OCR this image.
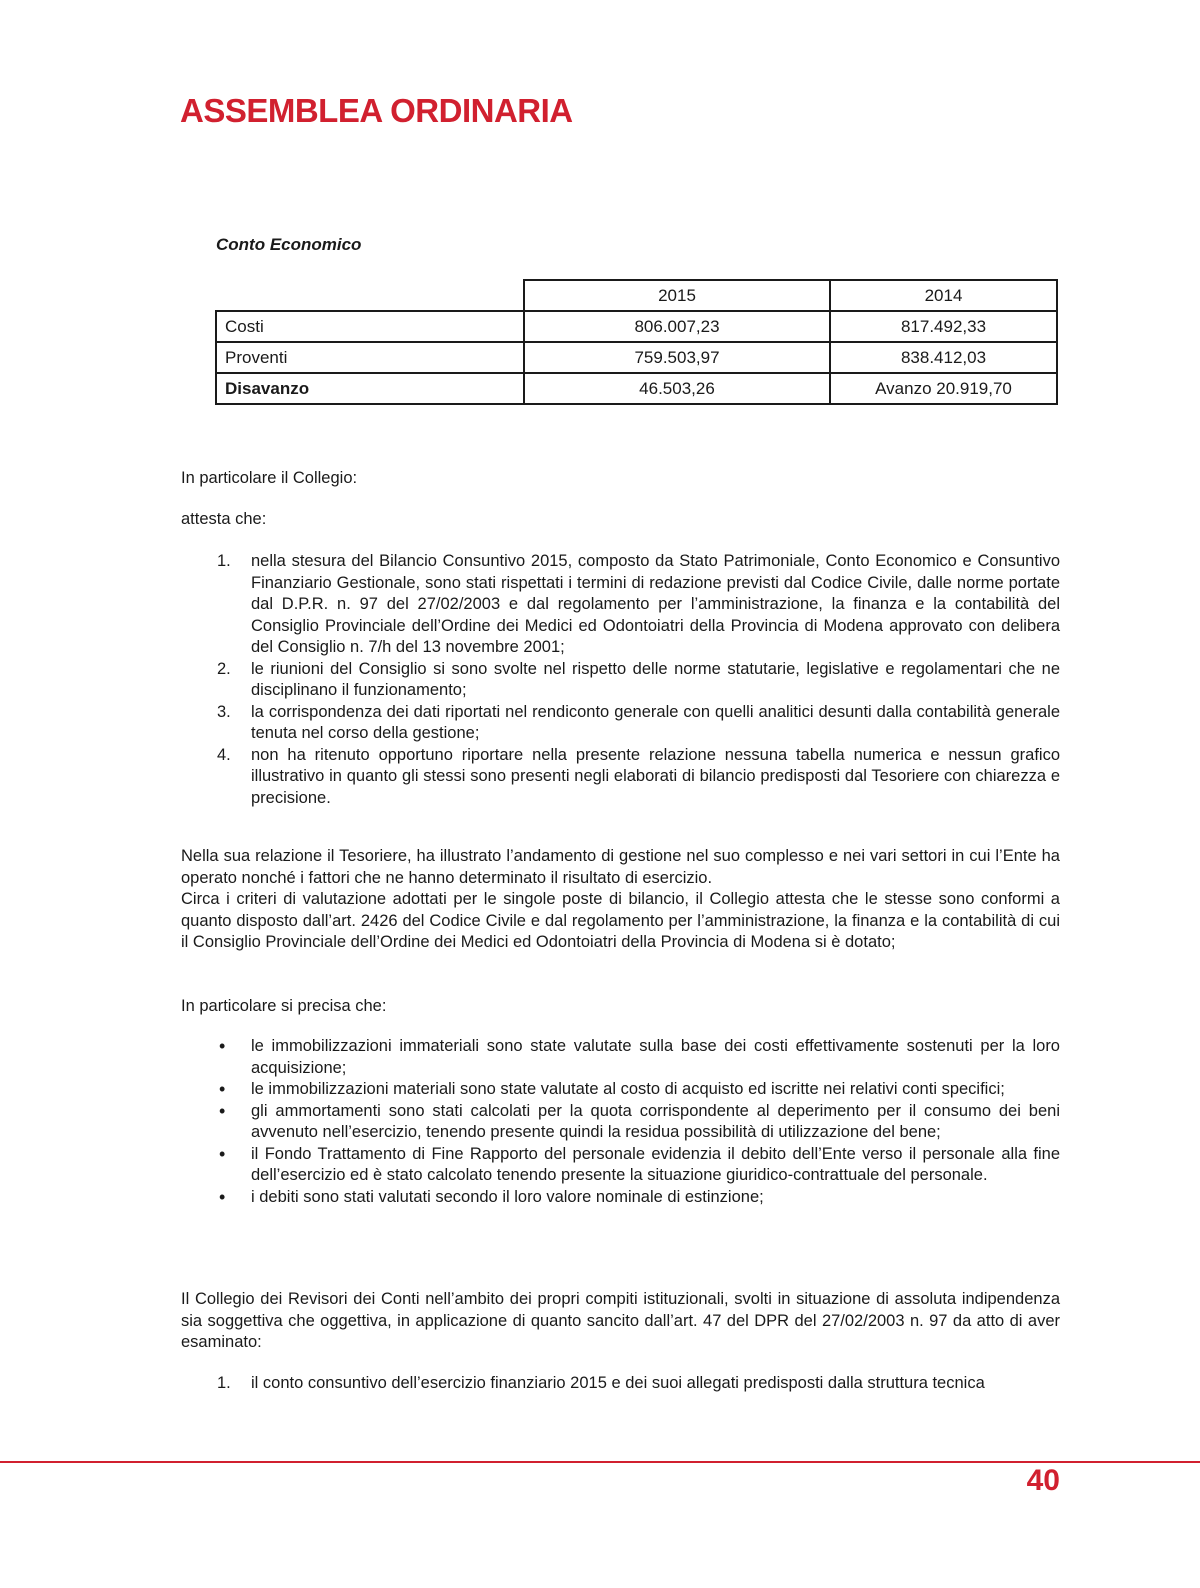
ASSEMBLEA ORDINARIA

Conto Economico

	2015	2014
Costi	806.007,23	817.492,33
Proventi	759.503,97	838.412,03
Disavanzo	46.503,26	Avanzo 20.919,70

In particolare il Collegio:

attesta che:

1. nella stesura del Bilancio Consuntivo 2015, composto da Stato Patrimoniale, Conto Economico e Consuntivo Finanziario Gestionale, sono stati rispettati i termini di redazione previsti dal Codice Civile, dalle norme portate dal D.P.R. n. 97 del 27/02/2003 e dal regolamento per l’amministrazione, la finanza e la contabilità del Consiglio Provinciale dell’Ordine dei Medici ed Odontoiatri della Provincia di Modena approvato con delibera del Consiglio n. 7/h del 13 novembre 2001;
2. le riunioni del Consiglio si sono svolte nel rispetto delle norme statutarie, legislative e regolamentari che ne disciplinano il funzionamento;
3. la corrispondenza dei dati riportati nel rendiconto generale con quelli analitici desunti dalla contabilità generale tenuta nel corso della gestione;
4. non ha ritenuto opportuno riportare nella presente relazione nessuna tabella numerica e nessun grafico illustrativo in quanto gli stessi sono presenti negli elaborati di bilancio predisposti dal Tesoriere con chiarezza e precisione.
Nella sua relazione il Tesoriere, ha illustrato l’andamento di gestione nel suo complesso e nei vari settori in cui l’Ente ha operato nonché i fattori che ne hanno determinato il risultato di esercizio.
Circa i criteri di valutazione adottati per le singole poste di bilancio, il Collegio attesta che le stesse sono conformi a quanto disposto dall’art. 2426 del Codice Civile e dal regolamento per l’amministrazione, la finanza e la contabilità di cui il Consiglio Provinciale dell’Ordine dei Medici ed Odontoiatri della Provincia di Modena si è dotato;

In particolare si precisa che:

• le immobilizzazioni immateriali sono state valutate sulla base dei costi effettivamente sostenuti per la loro acquisizione;
• le immobilizzazioni materiali sono state valutate al costo di acquisto ed iscritte nei relativi conti specifici;
• gli ammortamenti sono stati calcolati per la quota corrispondente al deperimento per il consumo dei beni avvenuto nell’esercizio, tenendo presente quindi la residua possibilità di utilizzazione del bene;
• il Fondo Trattamento di Fine Rapporto del personale evidenzia il debito dell’Ente verso il personale alla fine dell’esercizio ed è stato calcolato tenendo presente la situazione giuridico-contrattuale del personale.
• i debiti sono stati valutati secondo il loro valore nominale di estinzione;

Il Collegio dei Revisori dei Conti nell’ambito dei propri compiti istituzionali, svolti in situazione di assoluta indipendenza sia soggettiva che oggettiva, in applicazione di quanto sancito dall’art. 47 del DPR del 27/02/2003 n. 97 da atto di aver esaminato:

1. il conto consuntivo dell’esercizio finanziario 2015 e dei suoi allegati predisposti dalla struttura tecnica
40
